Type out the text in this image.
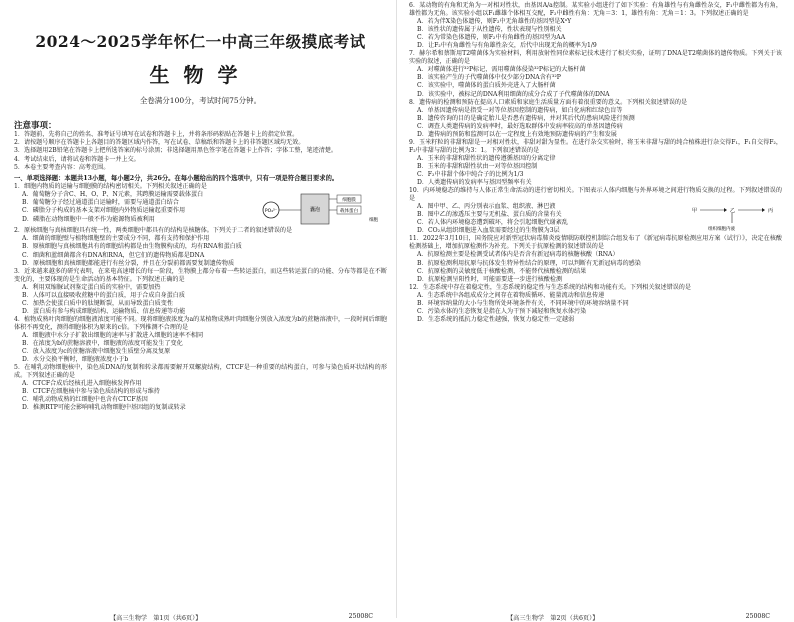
2024～2025学年怀仁一中高三年级摸底考试
生物学
全卷满分100分，考试时间75分钟。
注意事项：
1．答题前，先将自己的姓名、准考证号填写在试卷和答题卡上，并将条形码粘贴在答题卡上的指定位置。
2．请按题号顺序在答题卡上各题目的答题区域内作答，写在试卷、草稿纸和答题卡上的非答题区域均无效。
3．选择题用2B铅笔在答题卡上把所选答案的标号涂黑；非选择题用黑色签字笔在答题卡上作答；字体工整，笔迹清楚。
4．考试结束后，请将试卷和答题卡一并上交。
5．本卷主要考查内容：高考范围。
一、单项选择题：本题共13小题，每小题2分，共26分。在每小题给出的四个选项中，只有一项是符合题目要求的。
1．细胞内物质的运输与细胞膜的结构密切相关。下列相关叙述正确的是
A．葡萄糖分子含C、H、O、P、N元素，其跨膜运输需要载体蛋白
B．葡萄糖分子经过通道蛋白运输时，需要与通道蛋白结合
C．磷脂分子构成的基本支架对细胞内外物质运输起重要作用
D．磷脂在动物细胞中一般不作为能源物质被利用
PO₄³⁻	囊泡
细胞膜
载体蛋白
细胞
2．原核细胞与真核细胞具有统一性，两类细胞中都具有的结构是核糖体。下列关于二者的叙述错误的是
A．细菌的细胞壁与植物细胞壁的主要成分不同，都有支持和保护作用
B．原核细胞与真核细胞共有的细胞结构都是由生物膜构成的，均有RNA和蛋白质
C．细菌和蓝细菌都含有DNA和RNA，但它们的遗传物质都是DNA
D．原核细胞和真核细胞都能进行有丝分裂，并且在分裂前都需要复制遗传物质
3．近来越来越多的研究表明，在来电高速增长的每一阶段，生物膜上都分布着一些转运蛋白，而这些转运蛋白的功能、分布等都是在不断变化的，主要体现的是生命活动的基本特征。下列叙述正确的是
A．利用双缩脲试剂鉴定蛋白质的实验中，需要加热
B．人体可以直接吸收蔗糖中的蛋白质，用于合成自身蛋白质
C．加热会使蛋白质中的肽键断裂，从而导致蛋白质变性
D．蛋白质有参与构成细胞结构、运输物质、信息传递等功能
4．植物成熟叶肉细胞的细胞液浓度可能不同。现将细胞液浓度为a的某植物成熟叶肉细胞分别放入浓度为b的蔗糖溶液中，一段时间后细胞体积不再变化，测得细胞体积为原来的c倍。下列推测不合理的是
A．细胞液中水分子扩散出细胞的速率与扩散进入细胞的速率不相同
B．在浓度为b的蔗糖溶液中，细胞液的浓度可能发生了变化
C．放入浓度为c的蔗糖溶液中细胞发生质壁分离及复原
D．水分交换平衡时，细胞液浓度小于b
5．在哺乳动物细胞核中，染色质DNA的复制和转录都需要解开双螺旋结构，CTCF是一种重要的结构蛋白，可参与染色质环状结构的形成。下列叙述正确的是
A．CTCF合成后经核孔进入细胞核发挥作用
B．CTCF在细胞核中参与染色质结构的形成与维持
C．哺乳动物成熟的红细胞中也含有CTCF基因
D．推测RTP可能会影响哺乳动物细胞中基因组的复制或转录
【高三生物学　第1页（共6页）】	25008C
6．某动物的有角和无角为一对相对性状，由基因A/a控制。某实验小组进行了如下实验：有角雄性与有角雌性杂交，F₁中雌性都为有角，雄性都为无角。该实验小组以F₁雌雄个体相互交配，F₂中雌性有角：无角＝3：1，雄性有角：无角＝1：3。下列叙述正确的是
A．若为伴X染色体遗传，则F₂中无角雄性的基因型是XᵃY
B．该性状的遗传属于从性遗传，性状表现与性别相关
C．若为常染色体遗传，则F₂中有角雌性的基因型为AA
D．让F₂中有角雌性与有角雄性杂交，后代中出现无角的概率为1/9
7．赫尔希和蔡斯用T2噬菌体为实验材料，利用放射性同位素标记技术进行了相关实验，证明了DNA是T2噬菌体的遗传物质。下列关于该实验的叙述，正确的是
A．对噬菌体进行³²P标记，需用噬菌体侵染³²P标记的大肠杆菌
B．该实验产生的子代噬菌体中仅少部分DNA含有³²P
C．该实验中，噬菌体的蛋白质外壳进入了大肠杆菌
D．该实验中，被标记的DNA利用细菌的成分合成了子代噬菌体的DNA
8．遗传病的检测和预防在提高人口素质和家庭生活质量方面有着很重要的意义。下列相关叙述错误的是
A．单基因遗传病是指受一对等位基因控制的遗传病，如白化病和红绿色盲等
B．遗传咨询的目的是确定胎儿是否患有遗传病，并对其后代的患病风险进行预测
C．调查人类遗传病的发病率时，最好选取群体中发病率较高的单基因遗传病
D．遗传病的预防和监测可以在一定程度上有效地预防遗传病的产生和发展
9．玉米籽粒的非甜和甜是一对相对性状，非甜对甜为显性。在进行杂交实验时，将玉米非甜与甜的纯合植株进行杂交得F₁，F₁自交得F₂，F₂中非甜与甜的比例为3：1。下列叙述错误的是
A．玉米的非甜和甜性状的遗传遵循基因的分离定律
B．玉米的非甜和甜性状由一对等位基因控制
C．F₂中非甜个体中纯合子的比例为1/3
D．人类遗传病的发病率与基因型频率有关
10．内环境稳态的维持与人体正常生命活动的进行密切相关。下图表示人体内细胞与外界环境之间进行物质交换的过程。下列叙述错误的是
A．图中甲、乙、丙分别表示血浆、组织液、淋巴液
B．图中乙的渗透压主要与无机盐、蛋白质的含量有关
C．若人体内环境稳态遭到破坏，将会引起细胞代谢紊乱
D．CO₂从组织细胞进入血浆需要经过的生物膜为3层
甲	乙	丙
组织细胞内液
11．2022年3月10日，国务院应对新型冠状病毒肺炎疫情联防联控机制综合组发布了《新冠病毒抗原检测应用方案（试行）》，决定在核酸检测基础上，增加抗原检测作为补充。下列关于抗原检测的叙述错误的是
A．抗原检测主要是检测受试者体内是否含有新冠病毒的核糖核酸（RNA）
B．抗原检测利用抗原与抗体发生特异性结合的原理，可以判断有无新冠病毒的感染
C．抗原检测的灵敏度低于核酸检测，不能替代核酸检测的结果
D．抗原检测呈阳性时，可能需要进一步进行核酸检测
12．生态系统中存在着稳定性，生态系统的稳定性与生态系统的结构和功能有关。下列相关叙述错误的是
A．生态系统中各组成成分之间存在着物质循环、能量流动和信息传递
B．环境容纳量的大小与生物所处环境条件有关，不同环境中的环境容纳量不同
C．污染水体的生态恢复是指在人为干预下减轻和恢复水体污染
D．生态系统的抵抗力稳定性越强，恢复力稳定性一定越弱
【高三生物学　第2页（共6页）】	25008C
